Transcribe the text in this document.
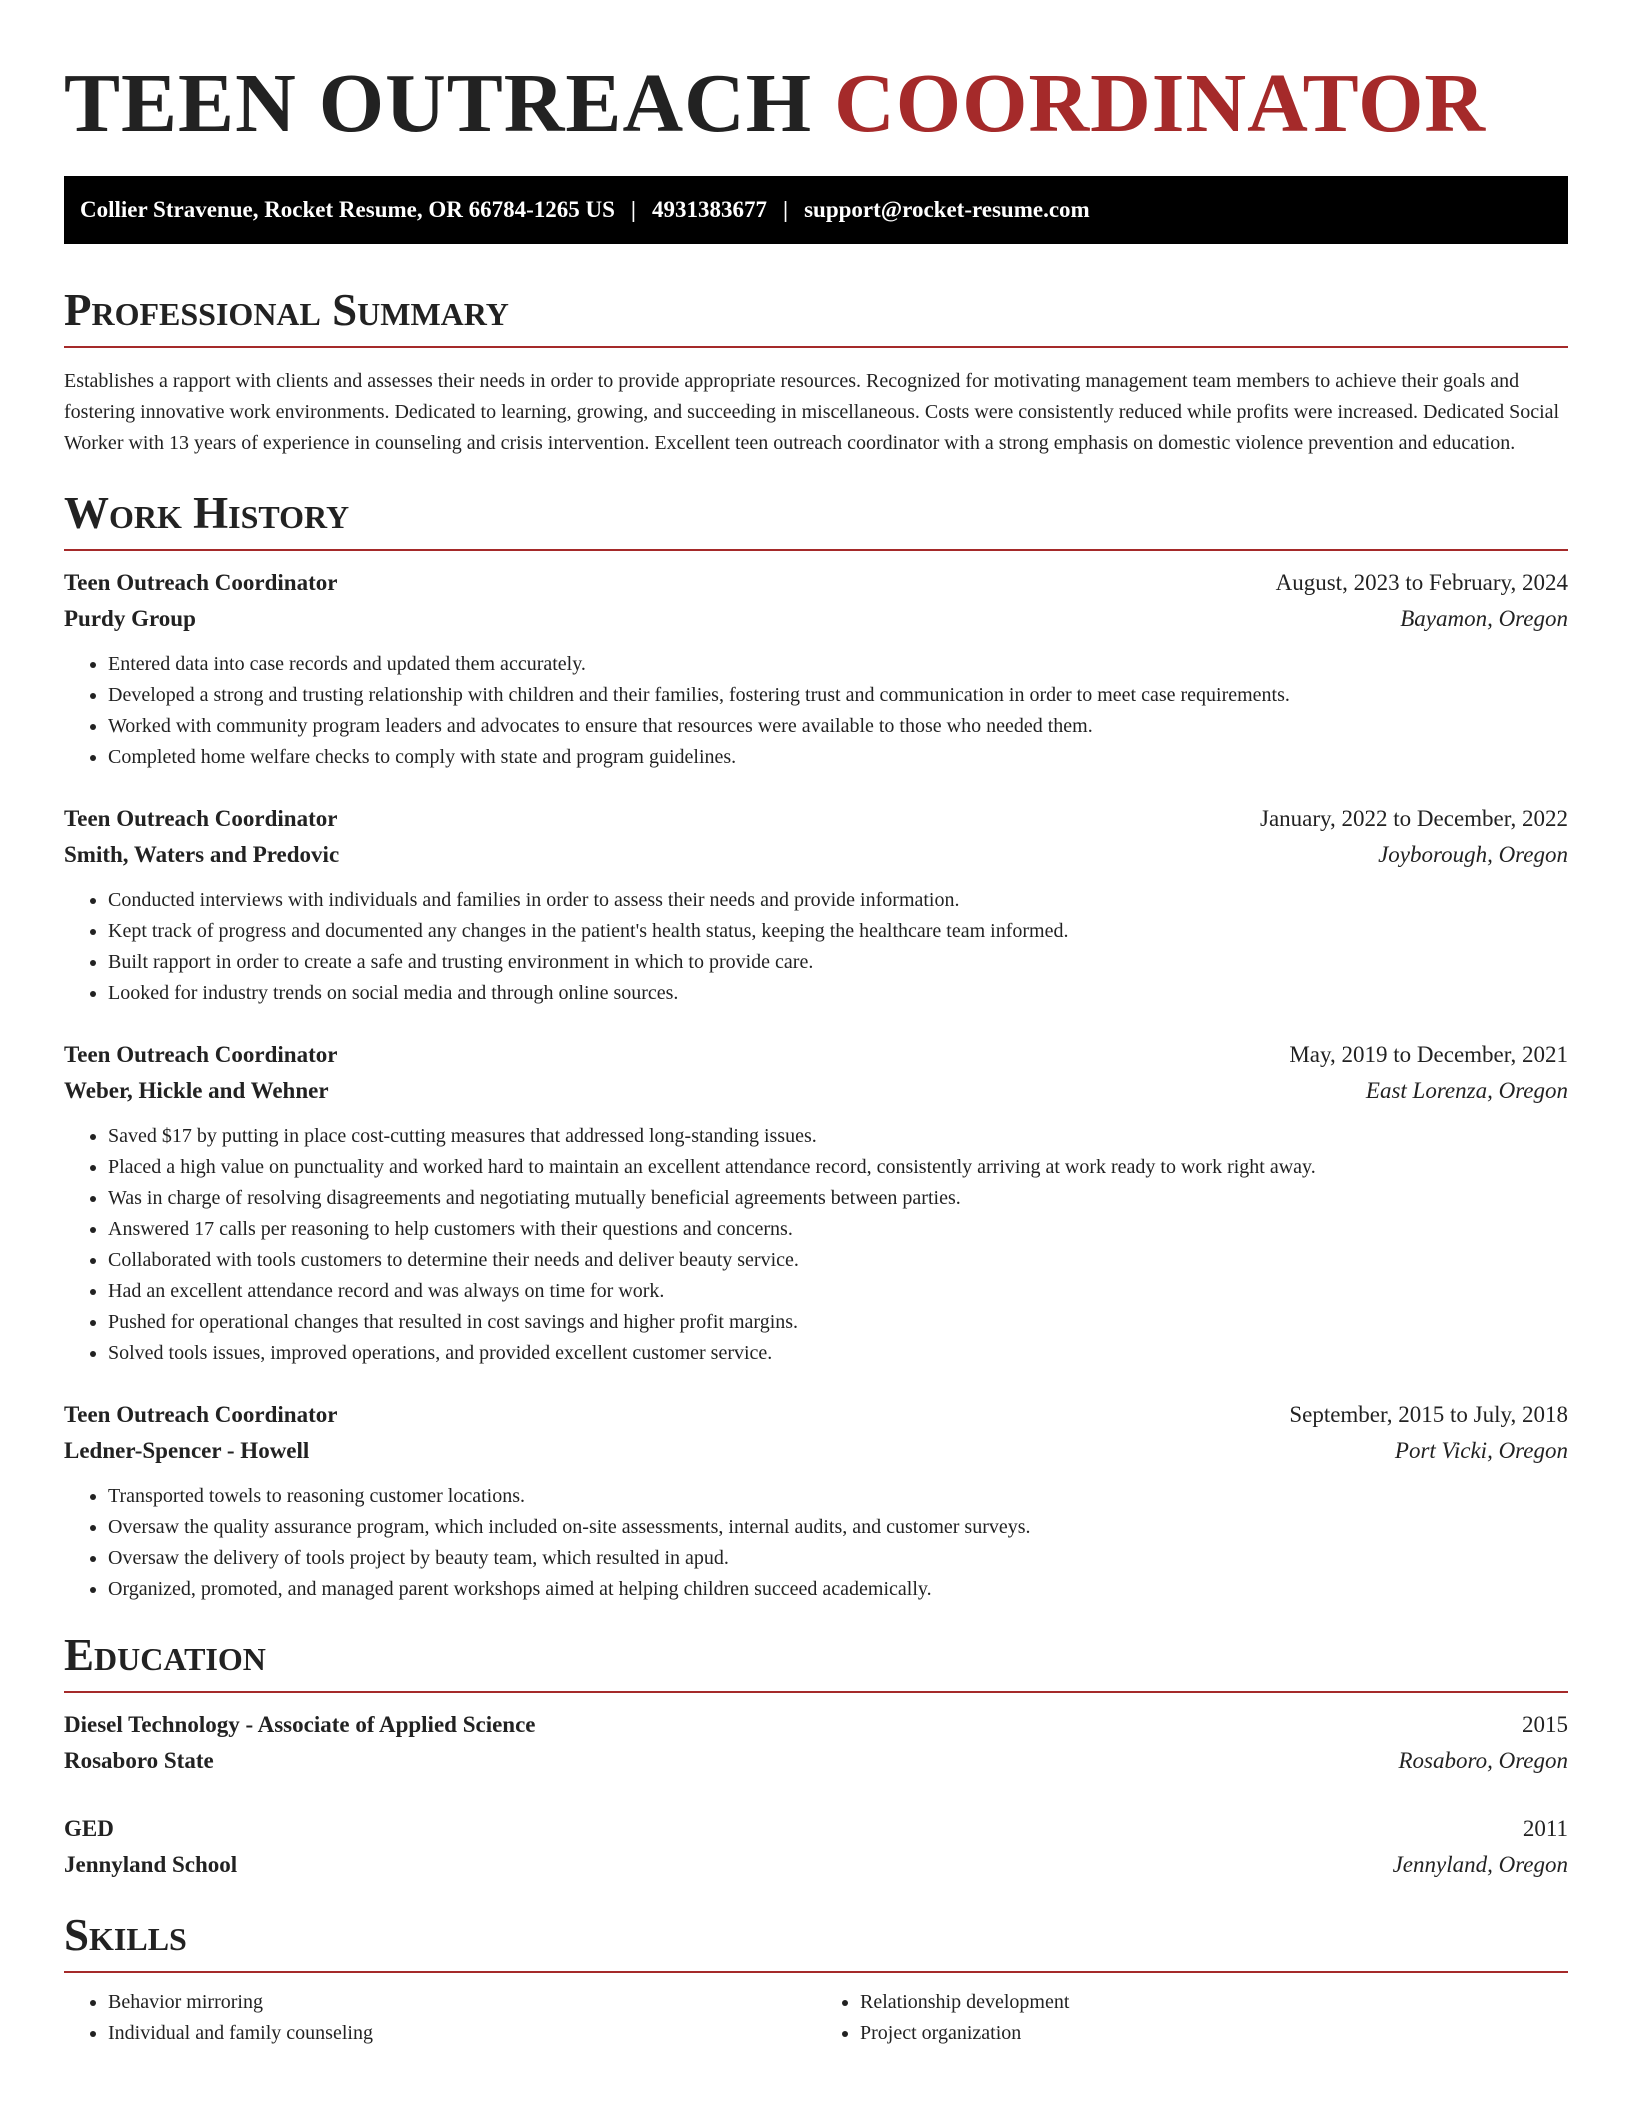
TEEN OUTREACH COORDINATOR
Collier Stravenue, Rocket Resume, OR 66784-1265 US | 4931383677 | support@rocket-resume.com
Professional Summary

Establishes a rapport with clients and assesses their needs in order to provide appropriate resources. Recognized for motivating management team members to achieve their goals and fostering innovative work environments. Dedicated to learning, growing, and succeeding in miscellaneous. Costs were consistently reduced while profits were increased. Dedicated Social Worker with 13 years of experience in counseling and crisis intervention. Excellent teen outreach coordinator with a strong emphasis on domestic violence prevention and education.

Work History
Teen Outreach Coordinator	August, 2023 to February, 2024
Purdy Group	Bayamon, Oregon
• Entered data into case records and updated them accurately.
• Developed a strong and trusting relationship with children and their families, fostering trust and communication in order to meet case requirements.
• Worked with community program leaders and advocates to ensure that resources were available to those who needed them.
• Completed home welfare checks to comply with state and program guidelines.
Teen Outreach Coordinator	January, 2022 to December, 2022
Smith, Waters and Predovic	Joyborough, Oregon
• Conducted interviews with individuals and families in order to assess their needs and provide information.
• Kept track of progress and documented any changes in the patient's health status, keeping the healthcare team informed.
• Built rapport in order to create a safe and trusting environment in which to provide care.
• Looked for industry trends on social media and through online sources.
Teen Outreach Coordinator	May, 2019 to December, 2021
Weber, Hickle and Wehner	East Lorenza, Oregon
• Saved $17 by putting in place cost-cutting measures that addressed long-standing issues.
• Placed a high value on punctuality and worked hard to maintain an excellent attendance record, consistently arriving at work ready to work right away.
• Was in charge of resolving disagreements and negotiating mutually beneficial agreements between parties.
• Answered 17 calls per reasoning to help customers with their questions and concerns.
• Collaborated with tools customers to determine their needs and deliver beauty service.
• Had an excellent attendance record and was always on time for work.
• Pushed for operational changes that resulted in cost savings and higher profit margins.
• Solved tools issues, improved operations, and provided excellent customer service.
Teen Outreach Coordinator	September, 2015 to July, 2018
Ledner-Spencer - Howell	Port Vicki, Oregon
• Transported towels to reasoning customer locations.
• Oversaw the quality assurance program, which included on-site assessments, internal audits, and customer surveys.
• Oversaw the delivery of tools project by beauty team, which resulted in apud.
• Organized, promoted, and managed parent workshops aimed at helping children succeed academically.
Education
Diesel Technology - Associate of Applied Science	2015
Rosaboro State	Rosaboro, Oregon
GED	2011
Jennyland School	Jennyland, Oregon
Skills
• Behavior mirroring
• Individual and family counseling
• Relationship development
• Project organization
